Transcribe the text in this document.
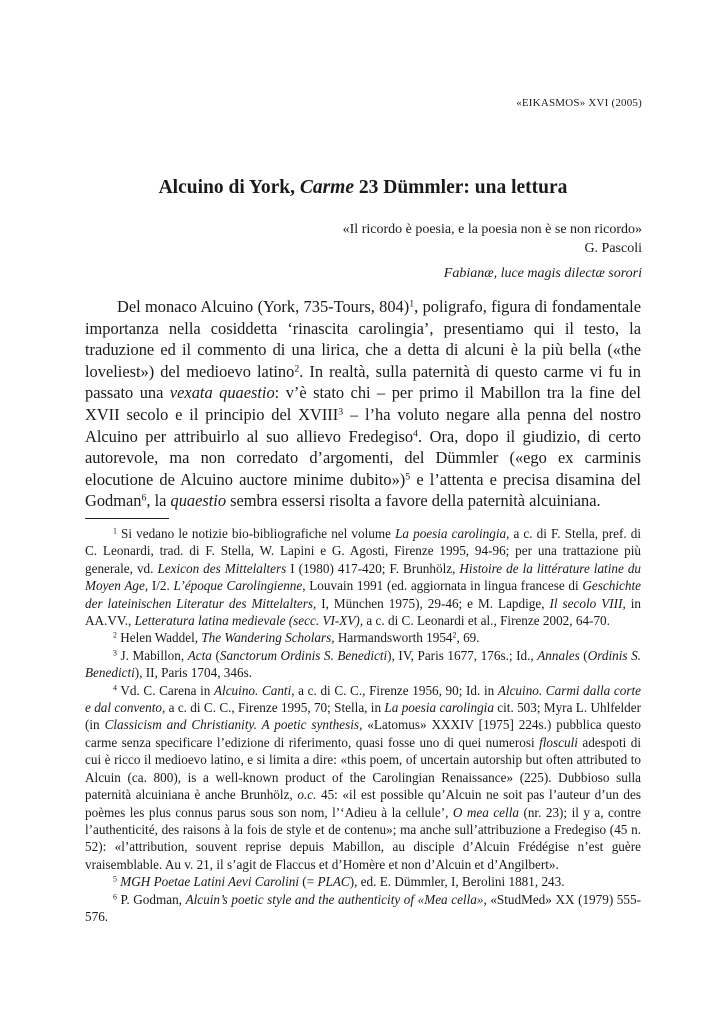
«EIKASMOS» XVI (2005)
Alcuino di York, Carme 23 Dümmler: una lettura
«Il ricordo è poesia, e la poesia non è se non ricordo»
G. Pascoli
Fabianæ, luce magis dilectæ sorori

Del monaco Alcuino (York, 735-Tours, 804)$^1$, poligrafo, figura di fondamentale importanza nella cosiddetta ‘rinascita carolingia’, presentiamo qui il testo, la traduzione ed il commento di una lirica, che a detta di alcuni è la più bella («the loveliest») del medioevo latino$^2$. In realtà, sulla paternità di questo carme vi fu in passato una vexata quaestio: v’è stato chi – per primo il Mabillon tra la fine del XVII secolo e il principio del XVIII$^3$ – l’ha voluto negare alla penna del nostro Alcuino per attribuirlo al suo allievo Fredegiso$^4$. Ora, dopo il giudizio, di certo autorevole, ma non corredato d’argomenti, del Dümmler («ego ex carminis elocutione de Alcuino auctore minime dubito»)$^5$ e l’attenta e precisa disamina del Godman$^6$, la quaestio sembra essersi risolta a favore della paternità alcuiniana.

$^1$ Si vedano le notizie bio-bibliografiche nel volume La poesia carolingia, a c. di F. Stella, pref. di C. Leonardi, trad. di F. Stella, W. Lapini e G. Agosti, Firenze 1995, 94-96; per una trattazione più generale, vd. Lexicon des Mittelalters I (1980) 417-420; F. Brunhölz, Histoire de la littérature latine du Moyen Age, I/2. L’époque Carolingienne, Louvain 1991 (ed. aggiornata in lingua francese di Geschichte der lateinischen Literatur des Mittelalters, I, München 1975), 29-46; e M. Lapdige, Il secolo VIII, in AA.VV., Letteratura latina medievale (secc. VI-XV), a c. di C. Leonardi et al., Firenze 2002, 64-70.

$^2$ Helen Waddel, The Wandering Scholars, Harmandsworth 1954$^2$, 69.

$^3$ J. Mabillon, Acta (Sanctorum Ordinis S. Benedicti), IV, Paris 1677, 176s.; Id., Annales (Ordinis S. Benedicti), II, Paris 1704, 346s.

$^4$ Vd. C. Carena in Alcuino. Canti, a c. di C. C., Firenze 1956, 90; Id. in Alcuino. Carmi dalla corte e dal convento, a c. di C. C., Firenze 1995, 70; Stella, in La poesia carolingia cit. 503; Myra L. Uhlfelder (in Classicism and Christianity. A poetic synthesis, «Latomus» XXXIV [1975] 224s.) pubblica questo carme senza specificare l’edizione di riferimento, quasi fosse uno di quei numerosi flosculi adespoti di cui è ricco il medioevo latino, e si limita a dire: «this poem, of uncertain autorship but often attributed to Alcuin (ca. 800), is a well-known product of the Carolingian Renaissance» (225). Dubbioso sulla paternità alcuiniana è anche Brunhölz, o.c. 45: «il est possible qu’Alcuin ne soit pas l’auteur d’un des poèmes les plus connus parus sous son nom, l’‘Adieu à la cellule’, O mea cella (nr. 23); il y a, contre l’authenticité, des raisons à la fois de style et de contenu»; ma anche sull’attribuzione a Fredegiso (45 n. 52): «l’attribution, souvent reprise depuis Mabillon, au disciple d’Alcuin Frédégise n’est guère vraisemblable. Au v. 21, il s’agit de Flaccus et d’Homère et non d’Alcuin et d’Angilbert».

$^5$ MGH Poetae Latini Aevi Carolini (= PLAC), ed. E. Dümmler, I, Berolini 1881, 243.

$^6$ P. Godman, Alcuin’s poetic style and the authenticity of «Mea cella», «StudMed» XX (1979) 555-576.
